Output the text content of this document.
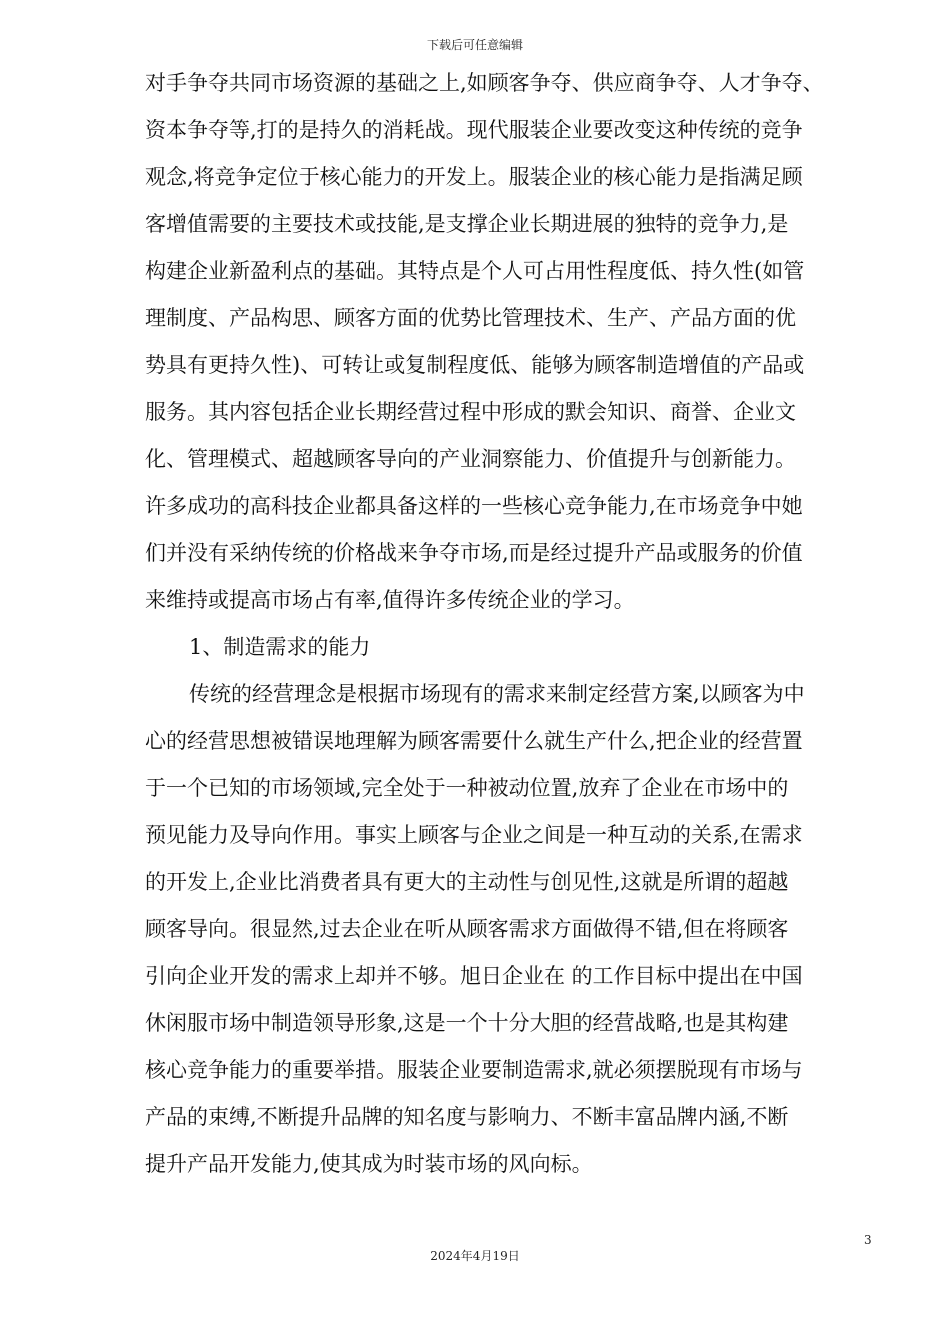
下载后可任意编辑
对手争夺共同市场资源的基础之上,如顾客争夺、供应商争夺、人才争夺、
资本争夺等,打的是持久的消耗战。现代服装企业要改变这种传统的竞争
观念,将竞争定位于核心能力的开发上。服装企业的核心能力是指满足顾
客增值需要的主要技术或技能,是支撑企业长期进展的独特的竞争力,是
构建企业新盈利点的基础。其特点是个人可占用性程度低、持久性(如管
理制度、产品构思、顾客方面的优势比管理技术、生产、产品方面的优
势具有更持久性)、可转让或复制程度低、能够为顾客制造增值的产品或
服务。其内容包括企业长期经营过程中形成的默会知识、商誉、企业文
化、管理模式、超越顾客导向的产业洞察能力、价值提升与创新能力。
许多成功的高科技企业都具备这样的一些核心竞争能力,在市场竞争中她
们并没有采纳传统的价格战来争夺市场,而是经过提升产品或服务的价值
来维持或提高市场占有率,值得许多传统企业的学习。
1、制造需求的能力
传统的经营理念是根据市场现有的需求来制定经营方案,以顾客为中
心的经营思想被错误地理解为顾客需要什么就生产什么,把企业的经营置
于一个已知的市场领域,完全处于一种被动位置,放弃了企业在市场中的
预见能力及导向作用。事实上顾客与企业之间是一种互动的关系,在需求
的开发上,企业比消费者具有更大的主动性与创见性,这就是所谓的超越
顾客导向。很显然,过去企业在听从顾客需求方面做得不错,但在将顾客
引向企业开发的需求上却并不够。旭日企业在 的工作目标中提出在中国
休闲服市场中制造领导形象,这是一个十分大胆的经营战略,也是其构建
核心竞争能力的重要举措。服装企业要制造需求,就必须摆脱现有市场与
产品的束缚,不断提升品牌的知名度与影响力、不断丰富品牌内涵,不断
提升产品开发能力,使其成为时装市场的风向标。
3
2024年4月19日
